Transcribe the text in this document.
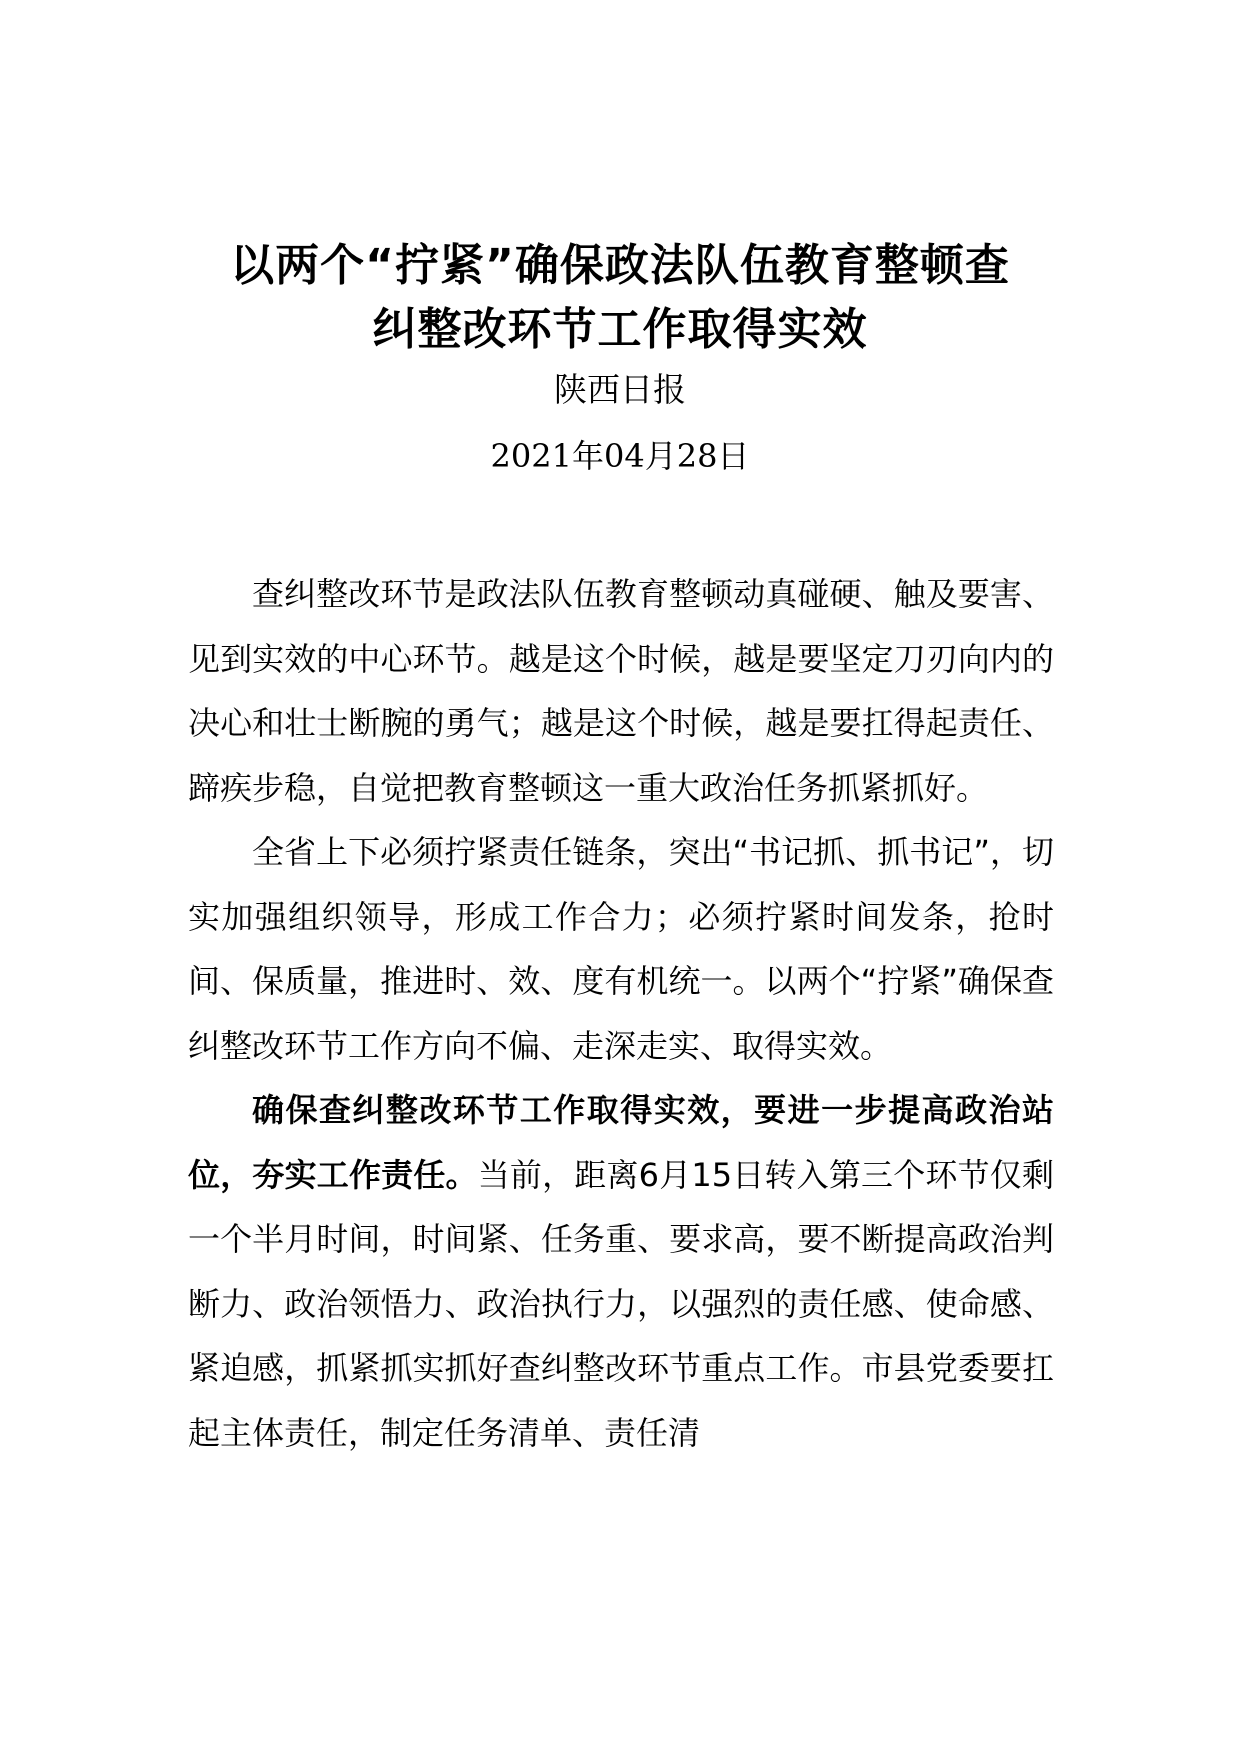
以两个“拧紧”确保政法队伍教育整顿查
纠整改环节工作取得实效
陕西日报
2021年04月28日

查纠整改环节是政法队伍教育整顿动真碰硬、触及要害、见到实效的中心环节。越是这个时候，越是要坚定刀刃向内的决心和壮士断腕的勇气；越是这个时候，越是要扛得起责任、蹄疾步稳，自觉把教育整顿这一重大政治任务抓紧抓好。

全省上下必须拧紧责任链条，突出“书记抓、抓书记”，切实加强组织领导，形成工作合力；必须拧紧时间发条，抢时间、保质量，推进时、效、度有机统一。以两个“拧紧”确保查纠整改环节工作方向不偏、走深走实、取得实效。

确保查纠整改环节工作取得实效，要进一步提高政治站位，夯实工作责任。当前，距离6月15日转入第三个环节仅剩一个半月时间，时间紧、任务重、要求高，要不断提高政治判断力、政治领悟力、政治执行力，以强烈的责任感、使命感、紧迫感，抓紧抓实抓好查纠整改环节重点工作。市县党委要扛起主体责任，制定任务清单、责任清
